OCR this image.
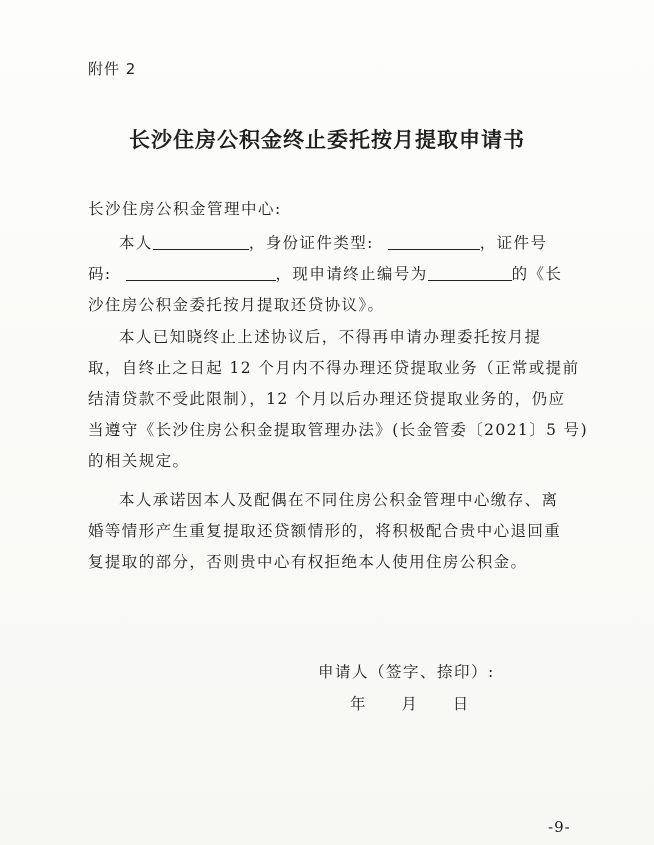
附件 2
长沙住房公积金终止委托按月提取申请书
长沙住房公积金管理中心:
本人	，身份证件类型:	，证件号
码:	，现申请终止编号为	的《长
沙住房公积金委托按月提取还贷协议》。
本人已知晓终止上述协议后，不得再申请办理委托按月提
取，自终止之日起 12 个月内不得办理还贷提取业务（正常或提前
结清贷款不受此限制），12 个月以后办理还贷提取业务的，仍应
当遵守《长沙住房公积金提取管理办法》(长金管委〔2021〕5 号)
的相关规定。
本人承诺因本人及配偶在不同住房公积金管理中心缴存、离
婚等情形产生重复提取还贷额情形的，将积极配合贵中心退回重
复提取的部分，否则贵中心有权拒绝本人使用住房公积金。
申请人（签字、捺印）:
年 月 日
-9-
